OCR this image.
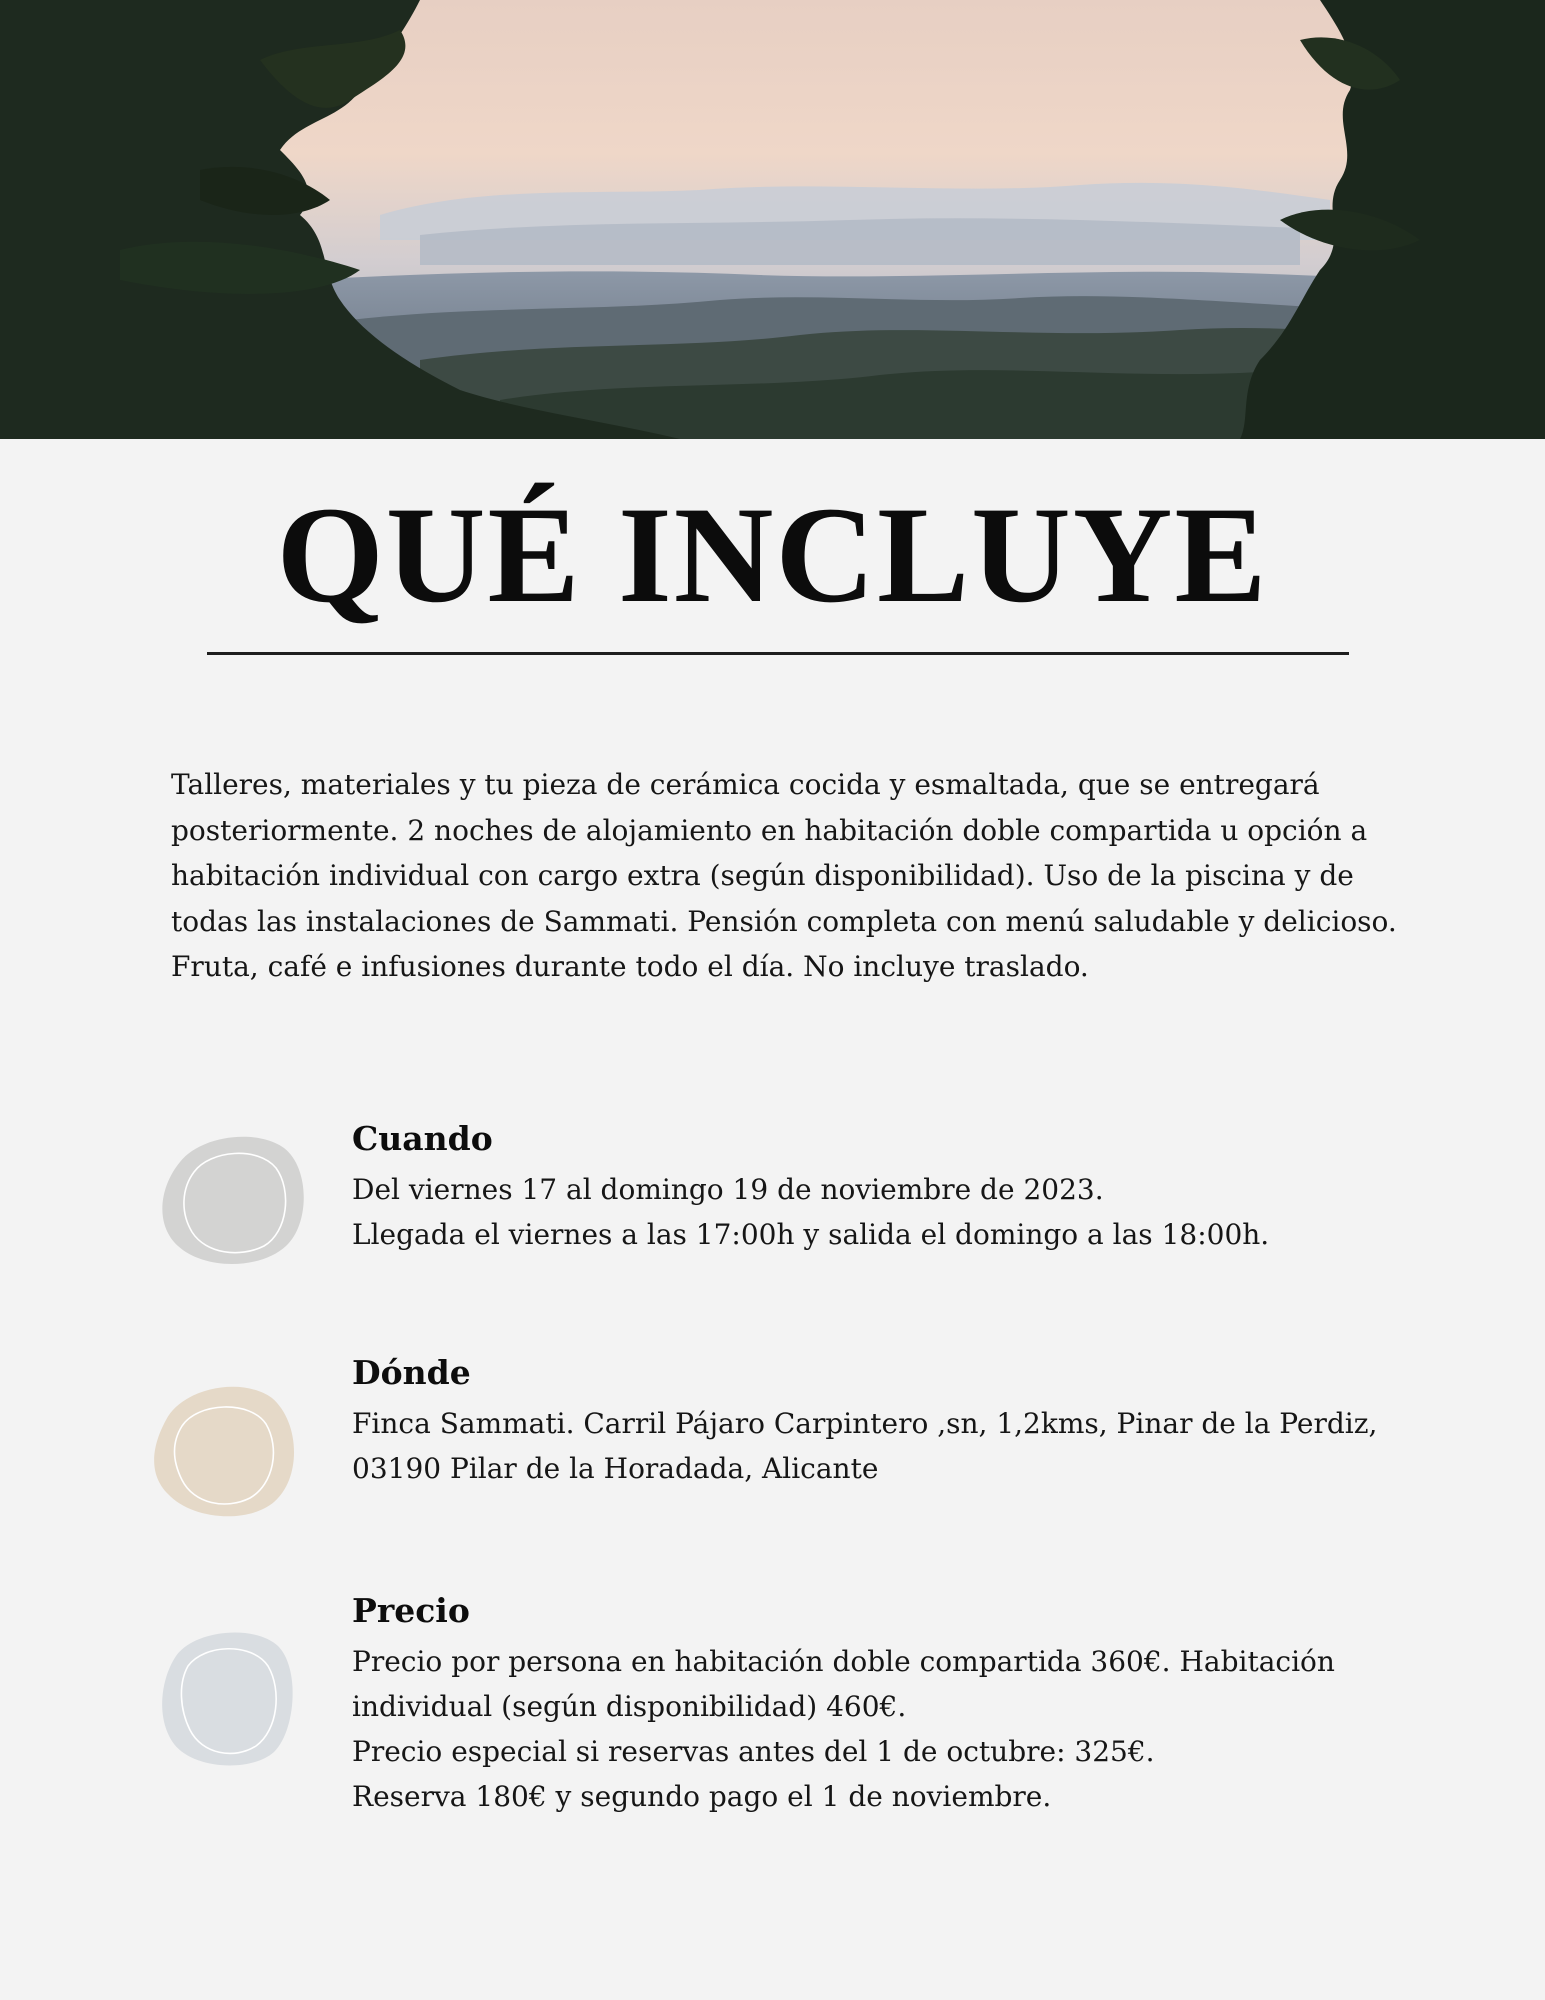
QUÉ INCLUYE

Talleres, materiales y tu pieza de cerámica cocida y esmaltada, que se entregará posteriormente. 2 noches de alojamiento en habitación doble compartida u opción a habitación individual con cargo extra (según disponibilidad). Uso de la piscina y de todas las instalaciones de Sammati. Pensión completa con menú saludable y delicioso. Fruta, café e infusiones durante todo el día. No incluye traslado.

Cuando

Del viernes 17 al domingo 19 de noviembre de 2023.

Llegada el viernes a las 17:00h y salida el domingo a las 18:00h.

Dónde

Finca Sammati. Carril Pájaro Carpintero ,sn, 1,2kms, Pinar de la Perdiz, 03190 Pilar de la Horadada, Alicante

Precio

Precio por persona en habitación doble compartida 360€. Habitación individual (según disponibilidad) 460€.

Precio especial si reservas antes del 1 de octubre: 325€.

Reserva 180€ y segundo pago el 1 de noviembre.
